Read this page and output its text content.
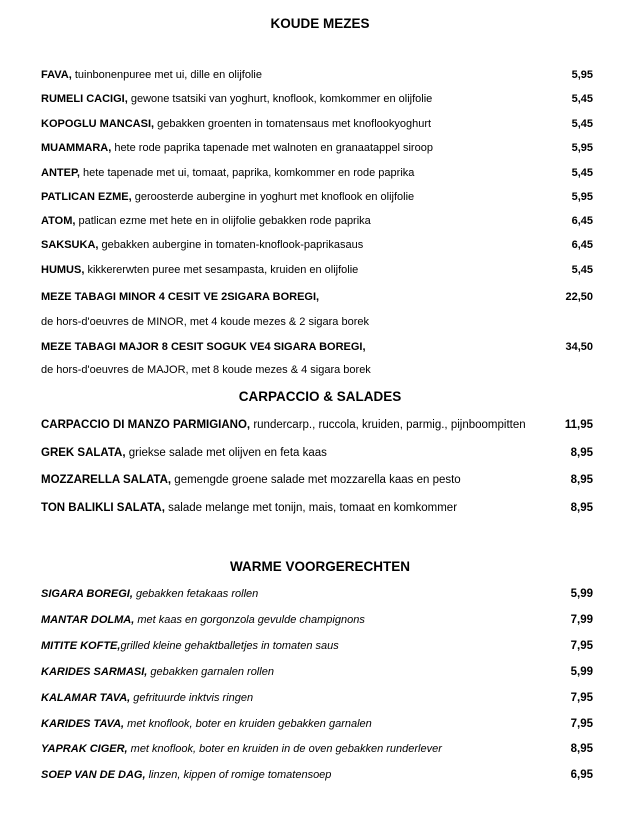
KOUDE MEZES
FAVA, tuinbonenpuree met ui, dille en olijfolie	5,95
RUMELI CACIGI, gewone tsatsiki van yoghurt, knoflook, komkommer en olijfolie	5,45
KOPOGLU MANCASI, gebakken groenten in tomatensaus met knoflookyoghurt	5,45
MUAMMARA, hete rode paprika tapenade met walnoten en granaatappel siroop	5,95
ANTEP, hete tapenade met ui, tomaat, paprika, komkommer en rode paprika	5,45
PATLICAN EZME, geroosterde aubergine in yoghurt met knoflook en olijfolie	5,95
ATOM, patlican ezme met hete en in olijfolie gebakken rode paprika	6,45
SAKSUKA, gebakken aubergine in tomaten-knoflook-paprikasaus	6,45
HUMUS, kikkererwten puree met sesampasta, kruiden en olijfolie	5,45
MEZE TABAGI MINOR 4 CESIT VE 2SIGARA BOREGI,	22,50
de hors-d'oeuvres de MINOR, met 4 koude mezes & 2 sigara borek
MEZE TABAGI MAJOR 8 CESIT SOGUK VE4 SIGARA BOREGI,	34,50
de hors-d'oeuvres de MAJOR, met 8 koude mezes & 4 sigara borek
CARPACCIO & SALADES
CARPACCIO DI MANZO PARMIGIANO, rundercarp., ruccola, kruiden, parmig., pijnboompitten	11,95
GREK SALATA, griekse salade met olijven en feta kaas	8,95
MOZZARELLA SALATA, gemengde groene salade met mozzarella kaas en pesto	8,95
TON BALIKLI SALATA, salade melange met tonijn, mais, tomaat en komkommer	8,95
WARME VOORGERECHTEN
SIGARA BOREGI, gebakken fetakaas rollen	5,99
MANTAR DOLMA, met kaas en gorgonzola gevulde champignons	7,99
MITITE KOFTE,grilled kleine gehaktballetjes in tomaten saus	7,95
KARIDES SARMASI, gebakken garnalen rollen	5,99
KALAMAR TAVA, gefrituurde inktvis ringen	7,95
KARIDES TAVA, met knoflook, boter en kruiden gebakken garnalen	7,95
YAPRAK CIGER, met knoflook, boter en kruiden in de oven gebakken runderlever	8,95
SOEP VAN DE DAG, linzen, kippen of romige tomatensoep	6,95
